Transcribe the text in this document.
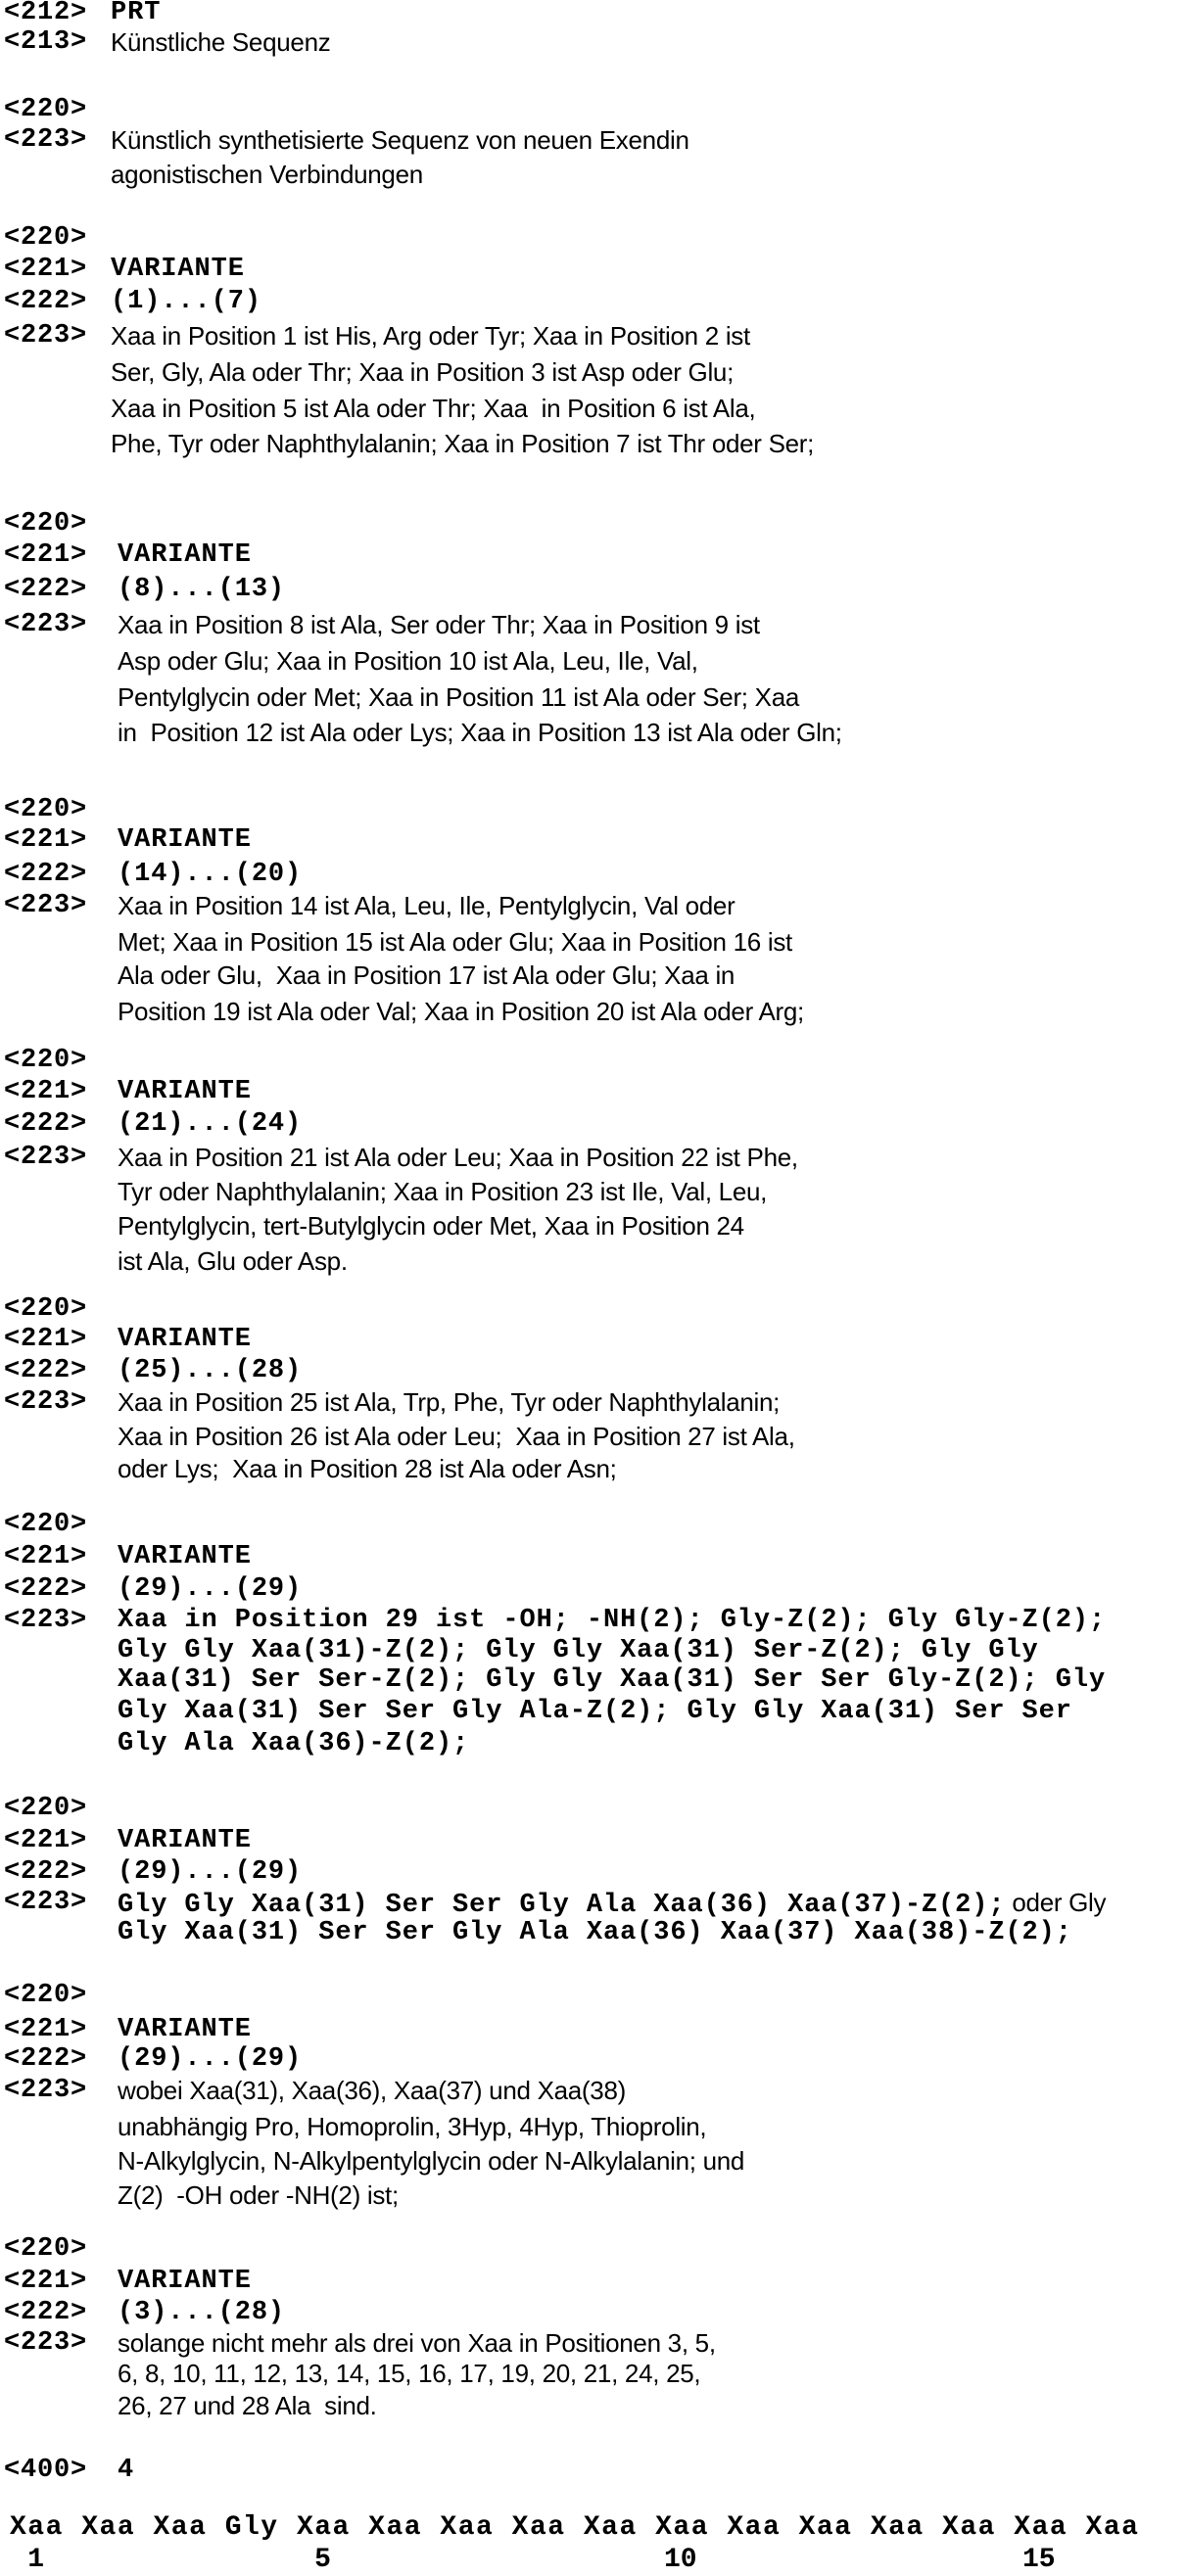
<212> PRT
<213> Künstliche Sequenz
<220>
<223> Künstlich synthetisierte Sequenz von neuen Exendin
agonistischen Verbindungen
<220>
<221> VARIANTE
<222> (1)...(7)
<223> Xaa in Position 1 ist His, Arg oder Tyr; Xaa in Position 2 ist
Ser, Gly, Ala oder Thr; Xaa in Position 3 ist Asp oder Glu;
Xaa in Position 5 ist Ala oder Thr; Xaa  in Position 6 ist Ala,
Phe, Tyr oder Naphthylalanin; Xaa in Position 7 ist Thr oder Ser;
<220>
<221> VARIANTE
<222> (8)...(13)
<223> Xaa in Position 8 ist Ala, Ser oder Thr; Xaa in Position 9 ist
Asp oder Glu; Xaa in Position 10 ist Ala, Leu, Ile, Val,
Pentylglycin oder Met; Xaa in Position 11 ist Ala oder Ser; Xaa
in  Position 12 ist Ala oder Lys; Xaa in Position 13 ist Ala oder Gln;
<220>
<221> VARIANTE
<222> (14)...(20)
<223> Xaa in Position 14 ist Ala, Leu, Ile, Pentylglycin, Val oder
Met; Xaa in Position 15 ist Ala oder Glu; Xaa in Position 16 ist
Ala oder Glu,  Xaa in Position 17 ist Ala oder Glu; Xaa in
Position 19 ist Ala oder Val; Xaa in Position 20 ist Ala oder Arg;
<220>
<221> VARIANTE
<222> (21)...(24)
<223> Xaa in Position 21 ist Ala oder Leu; Xaa in Position 22 ist Phe,
Tyr oder Naphthylalanin; Xaa in Position 23 ist Ile, Val, Leu,
Pentylglycin, tert-Butylglycin oder Met, Xaa in Position 24
ist Ala, Glu oder Asp.
<220>
<221> VARIANTE
<222> (25)...(28)
<223> Xaa in Position 25 ist Ala, Trp, Phe, Tyr oder Naphthylalanin;
Xaa in Position 26 ist Ala oder Leu;  Xaa in Position 27 ist Ala,
oder Lys;  Xaa in Position 28 ist Ala oder Asn;
<220>
<221> VARIANTE
<222> (29)...(29)
<223> Xaa in Position 29 ist -OH; -NH(2); Gly-Z(2); Gly Gly-Z(2);
Gly Gly Xaa(31)-Z(2); Gly Gly Xaa(31) Ser-Z(2); Gly Gly
Xaa(31) Ser Ser-Z(2); Gly Gly Xaa(31) Ser Ser Gly-Z(2); Gly
Gly Xaa(31) Ser Ser Gly Ala-Z(2); Gly Gly Xaa(31) Ser Ser
Gly Ala Xaa(36)-Z(2);
<220>
<221> VARIANTE
<222> (29)...(29)
<223> Gly Gly Xaa(31) Ser Ser Gly Ala Xaa(36) Xaa(37)-Z(2); oder Gly
Gly Xaa(31) Ser Ser Gly Ala Xaa(36) Xaa(37) Xaa(38)-Z(2);
<220>
<221> VARIANTE
<222> (29)...(29)
<223> wobei Xaa(31), Xaa(36), Xaa(37) und Xaa(38)
unabhängig Pro, Homoprolin, 3Hyp, 4Hyp, Thioprolin,
N-Alkylglycin, N-Alkylpentylglycin oder N-Alkylalanin; und
Z(2)  -OH oder -NH(2) ist;
<220>
<221> VARIANTE
<222> (3)...(28)
<223> solange nicht mehr als drei von Xaa in Positionen 3, 5,
6, 8, 10, 11, 12, 13, 14, 15, 16, 17, 19, 20, 21, 24, 25,
26, 27 und 28 Ala  sind.
<400> 4
Xaa Xaa Xaa Gly Xaa Xaa Xaa Xaa Xaa Xaa Xaa Xaa Xaa Xaa Xaa Xaa
1	5	10	15
